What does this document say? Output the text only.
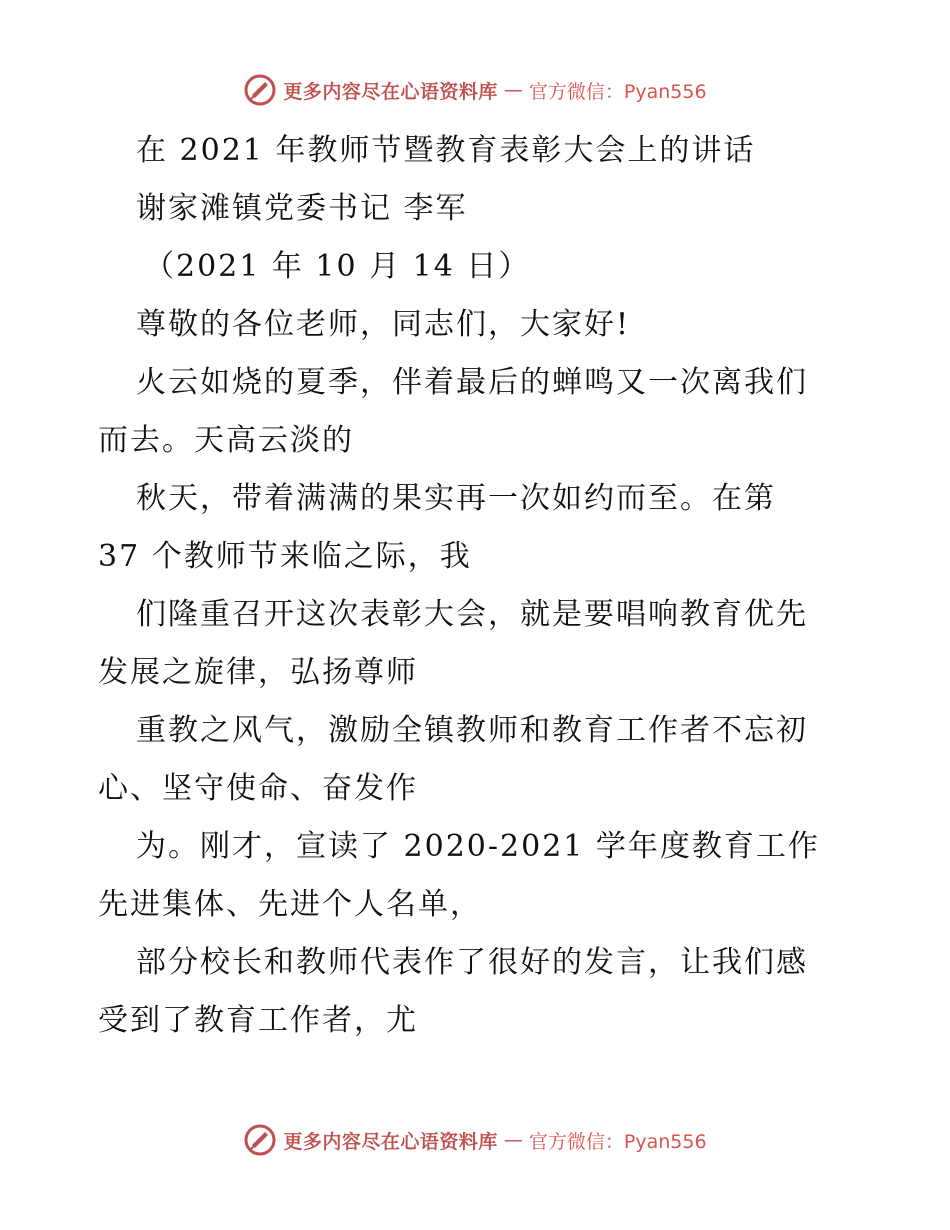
更多内容尽在心语资料库 — 官方微信：Pyan556
在 2021 年教师节暨教育表彰大会上的讲话
谢家滩镇党委书记 李军
（2021 年 10 月 14 日）
尊敬的各位老师，同志们，大家好!
火云如烧的夏季，伴着最后的蝉鸣又一次离我们
而去。天高云淡的
秋天，带着满满的果实再一次如约而至。在第
37 个教师节来临之际，我
们隆重召开这次表彰大会，就是要唱响教育优先
发展之旋律，弘扬尊师
重教之风气，激励全镇教师和教育工作者不忘初
心、坚守使命、奋发作
为。刚才，宣读了 2020-2021 学年度教育工作
先进集体、先进个人名单，
部分校长和教师代表作了很好的发言，让我们感
受到了教育工作者，尤
更多内容尽在心语资料库 — 官方微信：Pyan556
